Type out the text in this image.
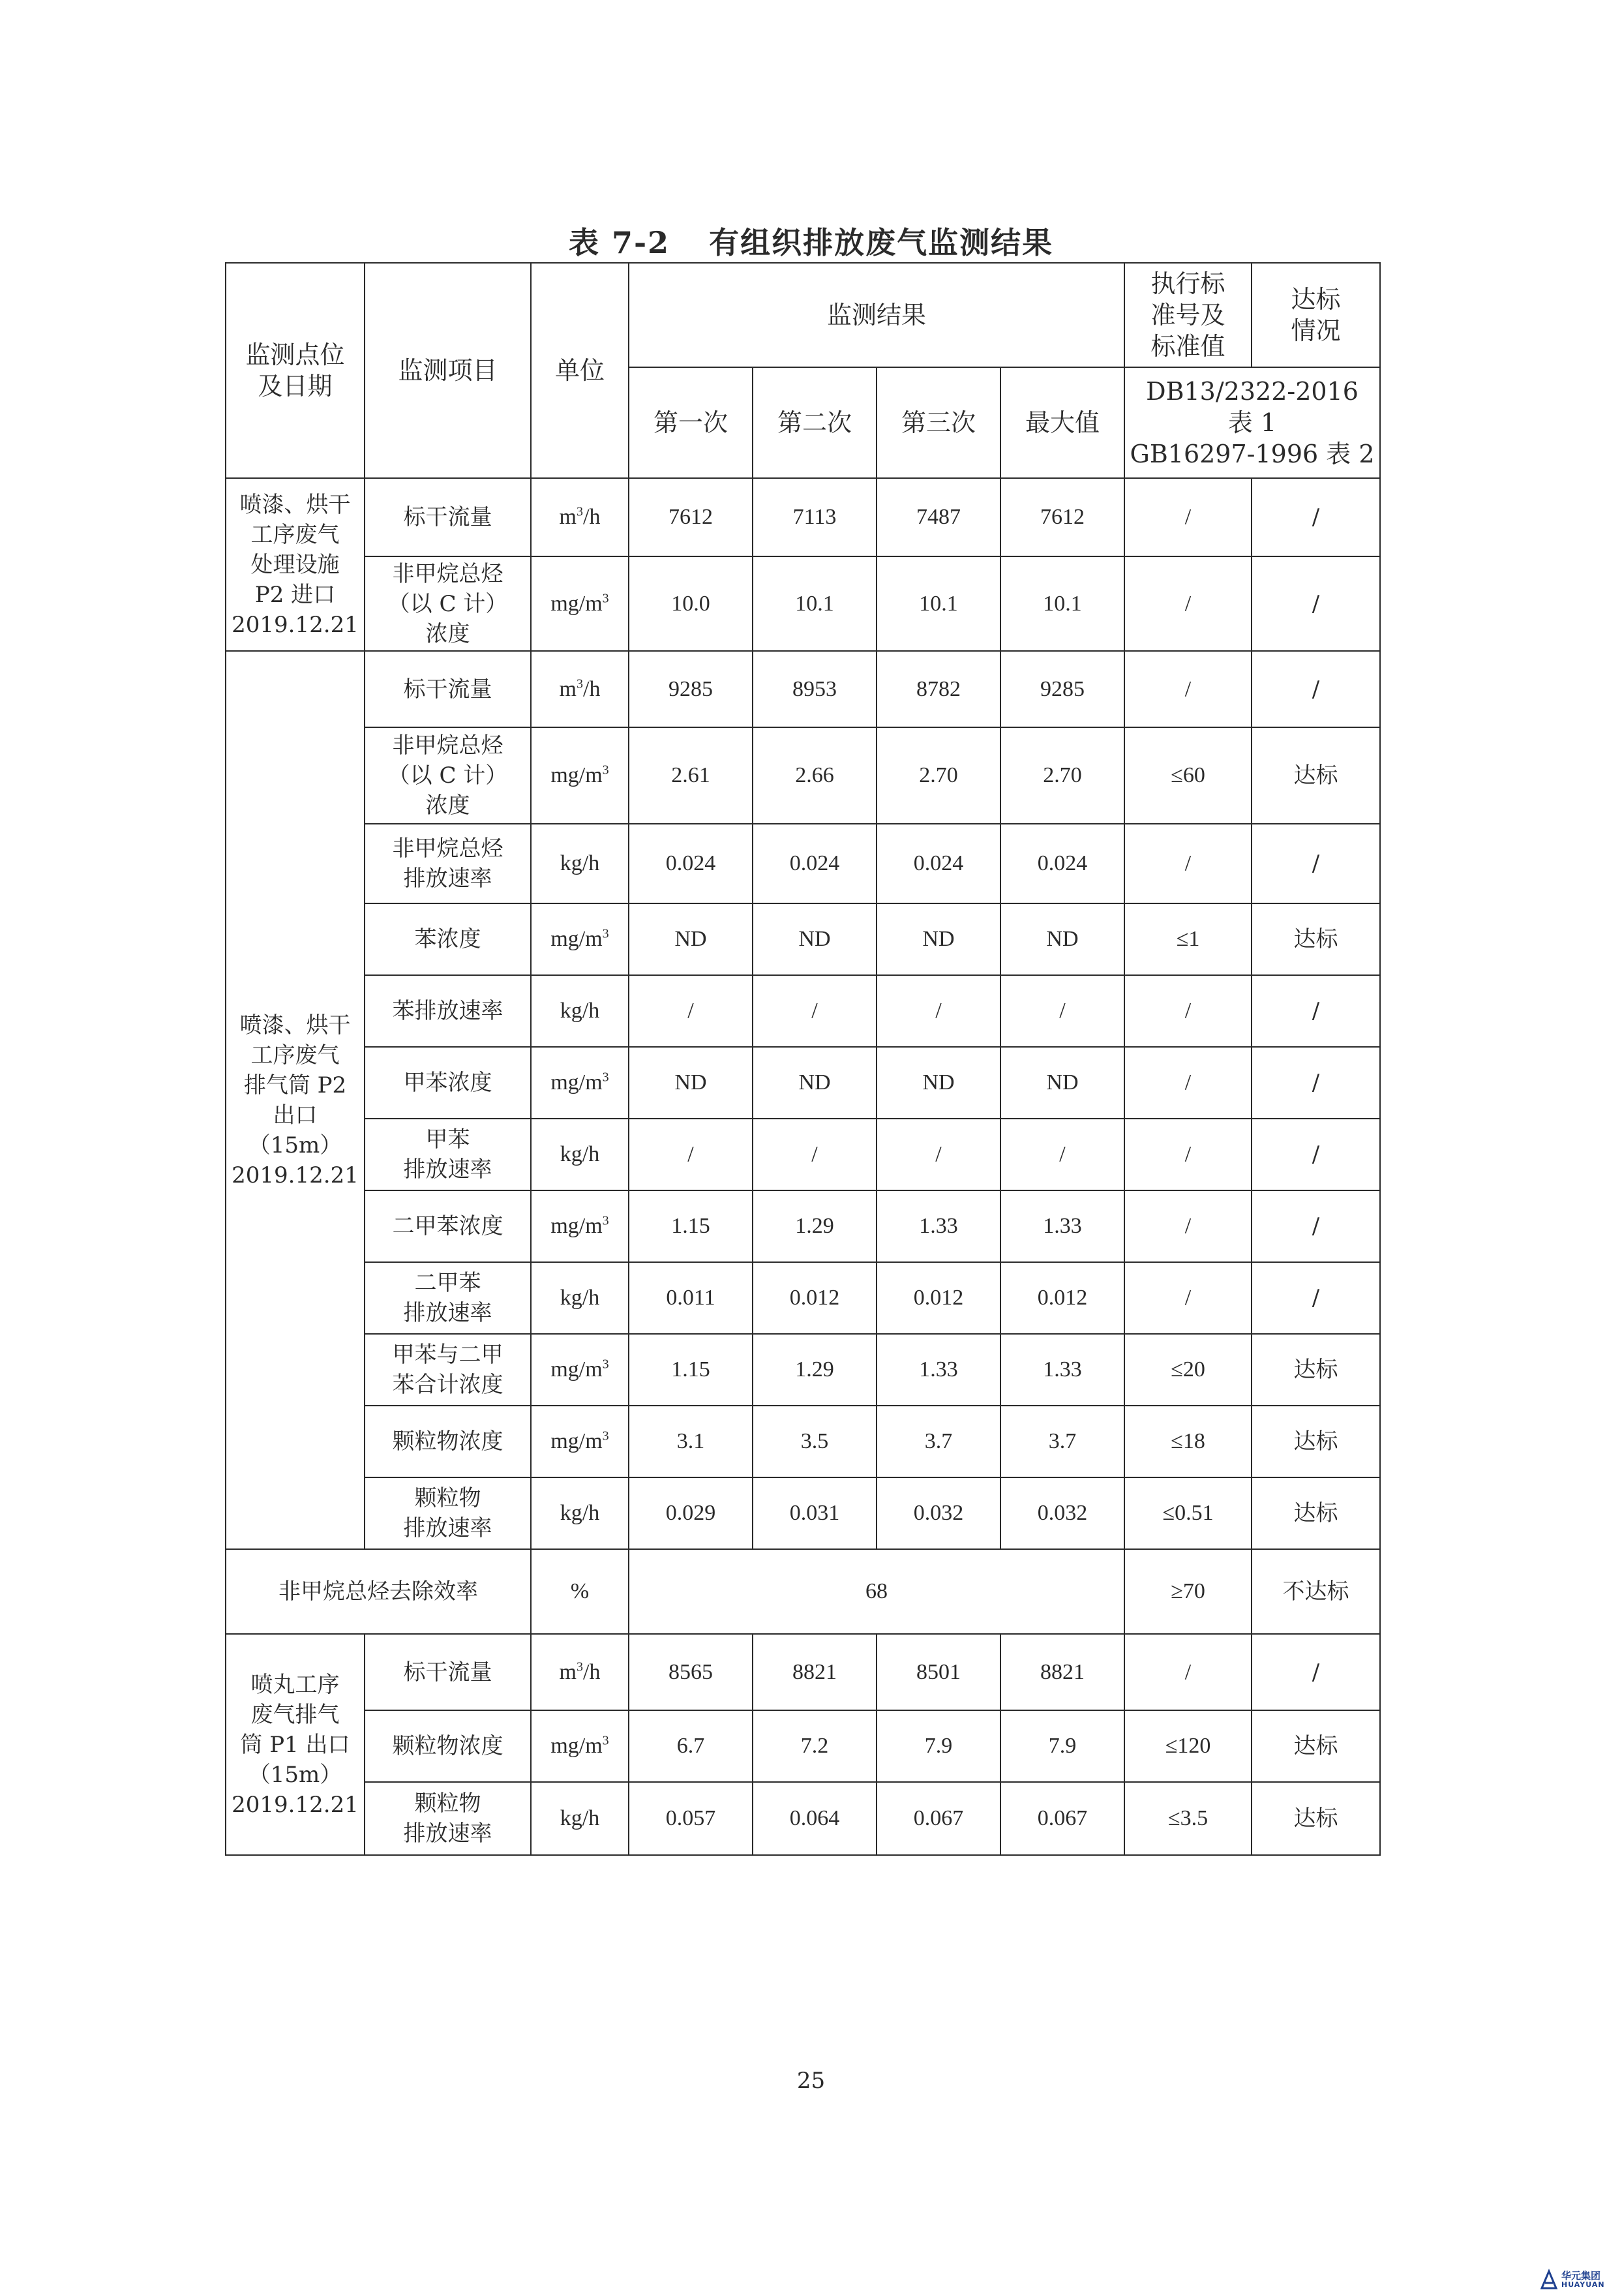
表 7-2 有组织排放废气监测结果
监测点位
及日期	监测项目	单位	监测结果				执行标
准号及
标准值	达标
情况
			第一次	第二次	第三次	最大值	DB13/2322-2016
表 1
GB16297-1996 表 2	
喷漆、烘干
工序废气
处理设施
P2 进口
2019.12.21	标干流量	$m^3/h$	7612	7113	7487	7612	/	/
	非甲烷总烃
（以 C 计）
浓度	$mg/m^3$	10.0	10.1	10.1	10.1	/	/
喷漆、烘干
工序废气
排气筒 P2
出口（15m）
2019.12.21	标干流量	$m^3/h$	9285	8953	8782	9285	/	/
	非甲烷总烃
（以 C 计）
浓度	$mg/m^3$	2.61	2.66	2.70	2.70	≤60	达标
	非甲烷总烃
排放速率	kg/h	0.024	0.024	0.024	0.024	/	/
	苯浓度	$mg/m^3$	ND	ND	ND	ND	≤1	达标
	苯排放速率	kg/h	/	/	/	/	/	/
	甲苯浓度	$mg/m^3$	ND	ND	ND	ND	/	/
	甲苯
排放速率	kg/h	/	/	/	/	/	/
	二甲苯浓度	$mg/m^3$	1.15	1.29	1.33	1.33	/	/
	二甲苯
排放速率	kg/h	0.011	0.012	0.012	0.012	/	/
	甲苯与二甲
苯合计浓度	$mg/m^3$	1.15	1.29	1.33	1.33	≤20	达标
	颗粒物浓度	$mg/m^3$	3.1	3.5	3.7	3.7	≤18	达标
	颗粒物
排放速率	kg/h	0.029	0.031	0.032	0.032	≤0.51	达标
非甲烷总烃去除效率		%	68				≥70	不达标
喷丸工序
废气排气
筒 P1 出口
（15m）
2019.12.21	标干流量	$m^3/h$	8565	8821	8501	8821	/	/
	颗粒物浓度	$mg/m^3$	6.7	7.2	7.9	7.9	≤120	达标
	颗粒物
排放速率	kg/h	0.057	0.064	0.067	0.067	≤3.5	达标
25
华元集团
HUAYUAN
